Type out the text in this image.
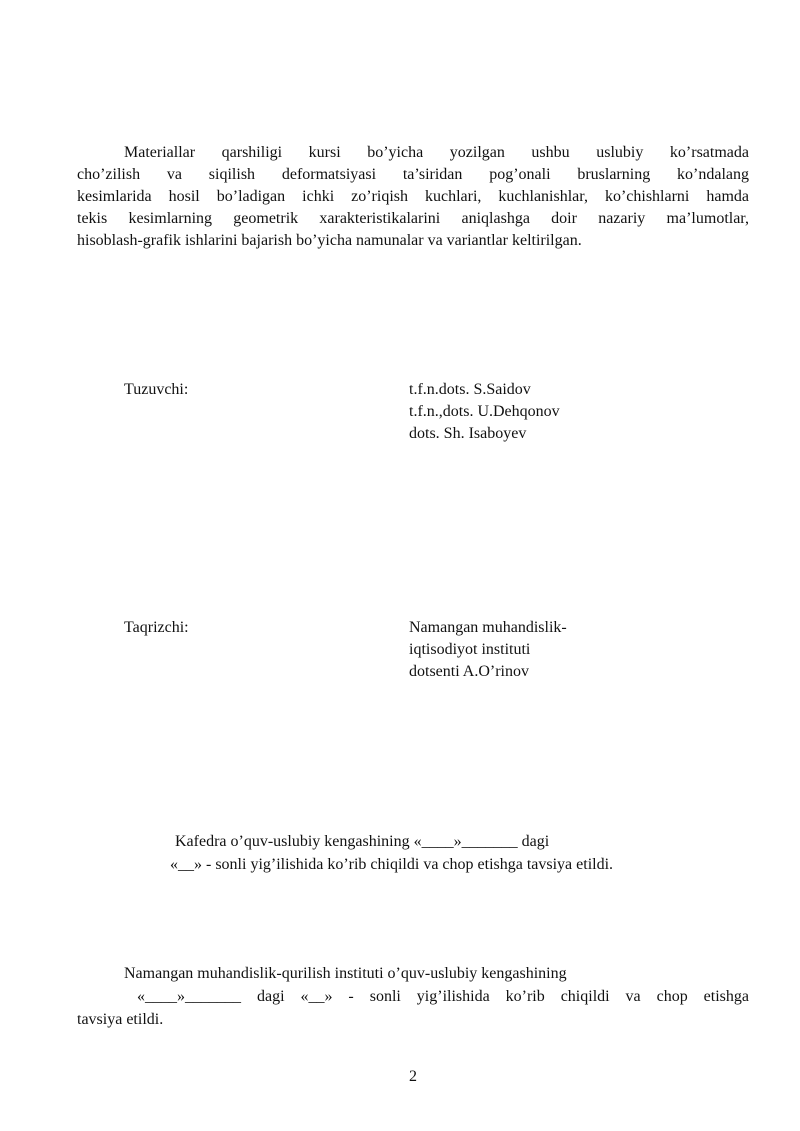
Materiallar qarshiligi kursi bo’yicha yozilgan ushbu uslubiy ko’rsatmada
cho’zilish va siqilish deformatsiyasi ta’siridan pog’onali bruslarning ko’ndalang
kesimlarida hosil bo’ladigan ichki zo’riqish kuchlari, kuchlanishlar, ko’chishlarni hamda
tekis kesimlarning geometrik xarakteristikalarini aniqlashga doir nazariy ma’lumotlar,
hisoblash-grafik ishlarini bajarish bo’yicha namunalar va variantlar keltirilgan.
Tuzuvchi:	t.f.n.dots. S.Saidov
t.f.n.,dots. U.Dehqonov
dots. Sh. Isaboyev
Taqrizchi:	Namangan muhandislik-
iqtisodiyot instituti
dotsenti A.O’rinov
Kafedra o’quv-uslubiy kengashining «____»_______ dagi
«__» - sonli yig’ilishida ko’rib chiqildi va chop etishga tavsiya etildi.
Namangan muhandislik-qurilish instituti o’quv-uslubiy kengashining
«____»_______ dagi «__» - sonli yig’ilishida ko’rib chiqildi va chop etishga
tavsiya etildi.
2
